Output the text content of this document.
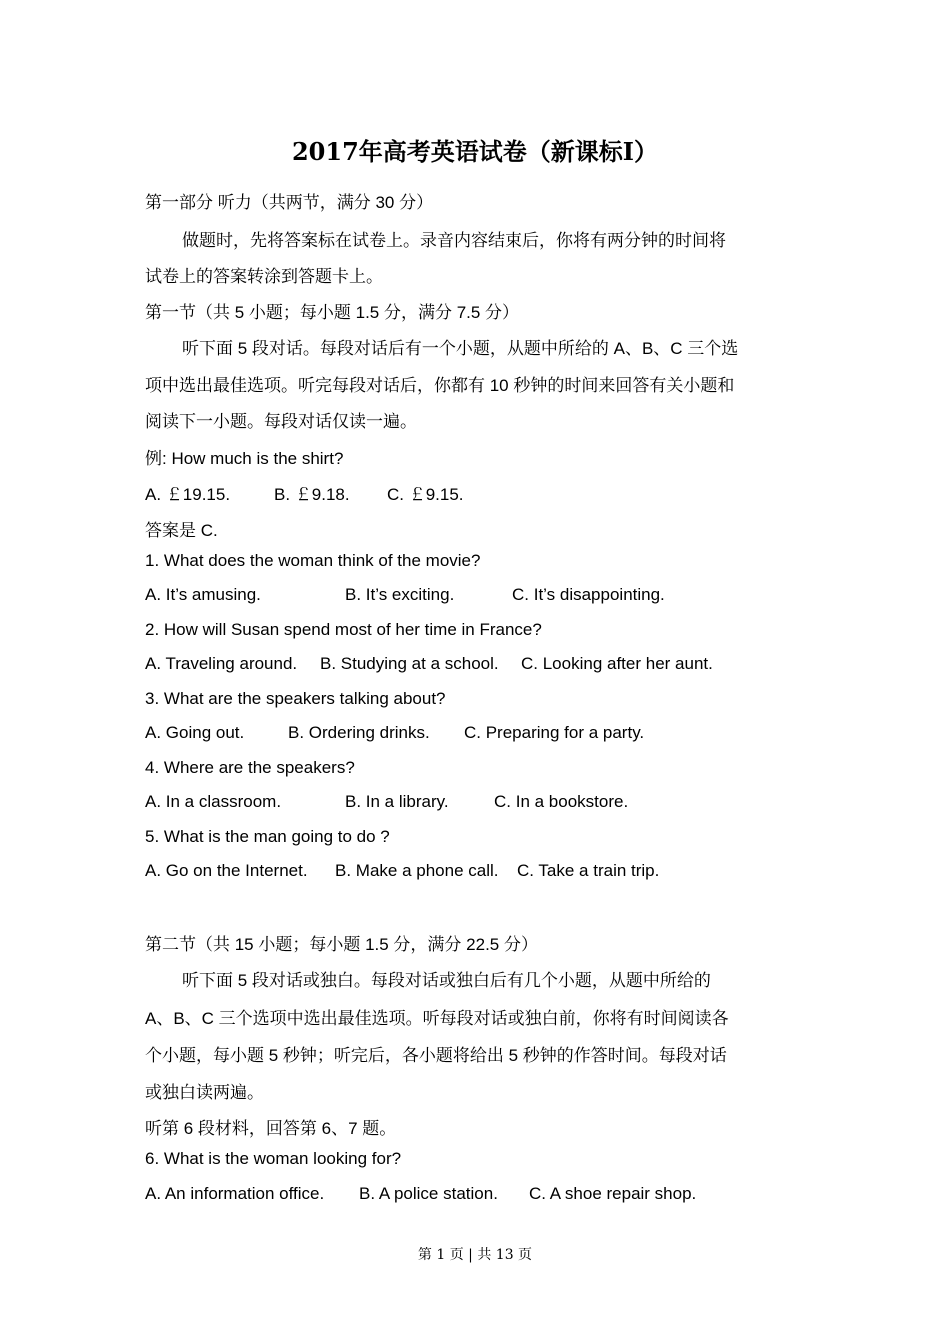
2017年高考英语试卷（新课标Ⅰ）
第一部分 听力（共两节，满分 30 分）
做题时，先将答案标在试卷上。录音内容结束后，你将有两分钟的时间将
试卷上的答案转涂到答题卡上。
第一节（共 5 小题；每小题 1.5 分，满分 7.5 分）
听下面 5 段对话。每段对话后有一个小题，从题中所给的 A、B、C 三个选
项中选出最佳选项。听完每段对话后，你都有 10 秒钟的时间来回答有关小题和
阅读下一小题。每段对话仅读一遍。
例: How much is the shirt?
A. ￡19.15.	B. ￡9.18. C. ￡9.15.
答案是 C.
1. What does the woman think of the movie?
A. It’s amusing.	B. It’s exciting.	C. It’s disappointing.
2. How will Susan spend most of her time in France?
A. Traveling around. B. Studying at a school. C. Looking after her aunt.
3. What are the speakers talking about?
A. Going out.	B. Ordering drinks. C. Preparing for a party.
4. Where are the speakers?
A. In a classroom.	B. In a library.	C. In a bookstore.
5. What is the man going to do ?
A. Go on the Internet. B. Make a phone call. C. Take a train trip.
第二节（共 15 小题；每小题 1.5 分，满分 22.5 分）
听下面 5 段对话或独白。每段对话或独白后有几个小题，从题中所给的
A、B、C 三个选项中选出最佳选项。听每段对话或独白前，你将有时间阅读各
个小题，每小题 5 秒钟；听完后，各小题将给出 5 秒钟的作答时间。每段对话
或独白读两遍。
听第 6 段材料，回答第 6、7 题。
6. What is the woman looking for?
A. An information office. B. A police station. C. A shoe repair shop.
第 1 页 | 共 13 页
